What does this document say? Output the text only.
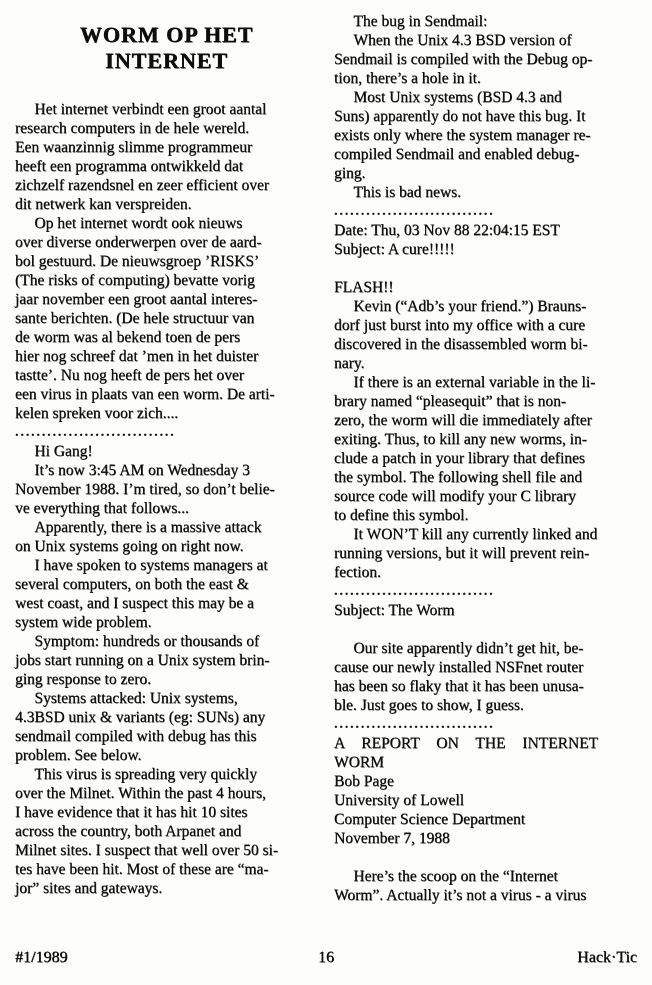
WORM OP HET
INTERNET
Het internet verbindt een groot aantal
research computers in de hele wereld.
Een waanzinnig slimme programmeur
heeft een programma ontwikkeld dat
zichzelf razendsnel en zeer efficient over
dit netwerk kan verspreiden.
Op het internet wordt ook nieuws
over diverse onderwerpen over de aard-
bol gestuurd. De nieuwsgroep ’RISKS’
(The risks of computing) bevatte vorig
jaar november een groot aantal interes-
sante berichten. (De hele structuur van
de worm was al bekend toen de pers
hier nog schreef dat ’men in het duister
tastte’. Nu nog heeft de pers het over
een virus in plaats van een worm. De arti-
kelen spreken voor zich....
..............................
Hi Gang!
It’s now 3:45 AM on Wednesday 3
November 1988. I’m tired, so don’t belie-
ve everything that follows...
Apparently, there is a massive attack
on Unix systems going on right now.
I have spoken to systems managers at
several computers, on both the east &
west coast, and I suspect this may be a
system wide problem.
Symptom: hundreds or thousands of
jobs start running on a Unix system brin-
ging response to zero.
Systems attacked: Unix systems,
4.3BSD unix & variants (eg: SUNs) any
sendmail compiled with debug has this
problem. See below.
This virus is spreading very quickly
over the Milnet. Within the past 4 hours,
I have evidence that it has hit 10 sites
across the country, both Arpanet and
Milnet sites. I suspect that well over 50 si-
tes have been hit. Most of these are “ma-
jor” sites and gateways.
The bug in Sendmail:
When the Unix 4.3 BSD version of
Sendmail is compiled with the Debug op-
tion, there’s a hole in it.
Most Unix systems (BSD 4.3 and
Suns) apparently do not have this bug. It
exists only where the system manager re-
compiled Sendmail and enabled debug-
ging.
This is bad news.
..............................
Date: Thu, 03 Nov 88 22:04:15 EST
Subject: A cure!!!!!
FLASH!!
Kevin (“Adb’s your friend.”) Brauns-
dorf just burst into my office with a cure
discovered in the disassembled worm bi-
nary.
If there is an external variable in the li-
brary named “pleasequit” that is non-
zero, the worm will die immediately after
exiting. Thus, to kill any new worms, in-
clude a patch in your library that defines
the symbol. The following shell file and
source code will modify your C library
to define this symbol.
It WON’T kill any currently linked and
running versions, but it will prevent rein-
fection.
..............................
Subject: The Worm
Our site apparently didn’t get hit, be-
cause our newly installed NSFnet router
has been so flaky that it has been unusa-
ble. Just goes to show, I guess.
..............................
A REPORT ON THE INTERNET
WORM
Bob Page
University of Lowell
Computer Science Department
November 7, 1988
Here’s the scoop on the “Internet
Worm”. Actually it’s not a virus - a virus
#1/1989	16	Hack·Tic
